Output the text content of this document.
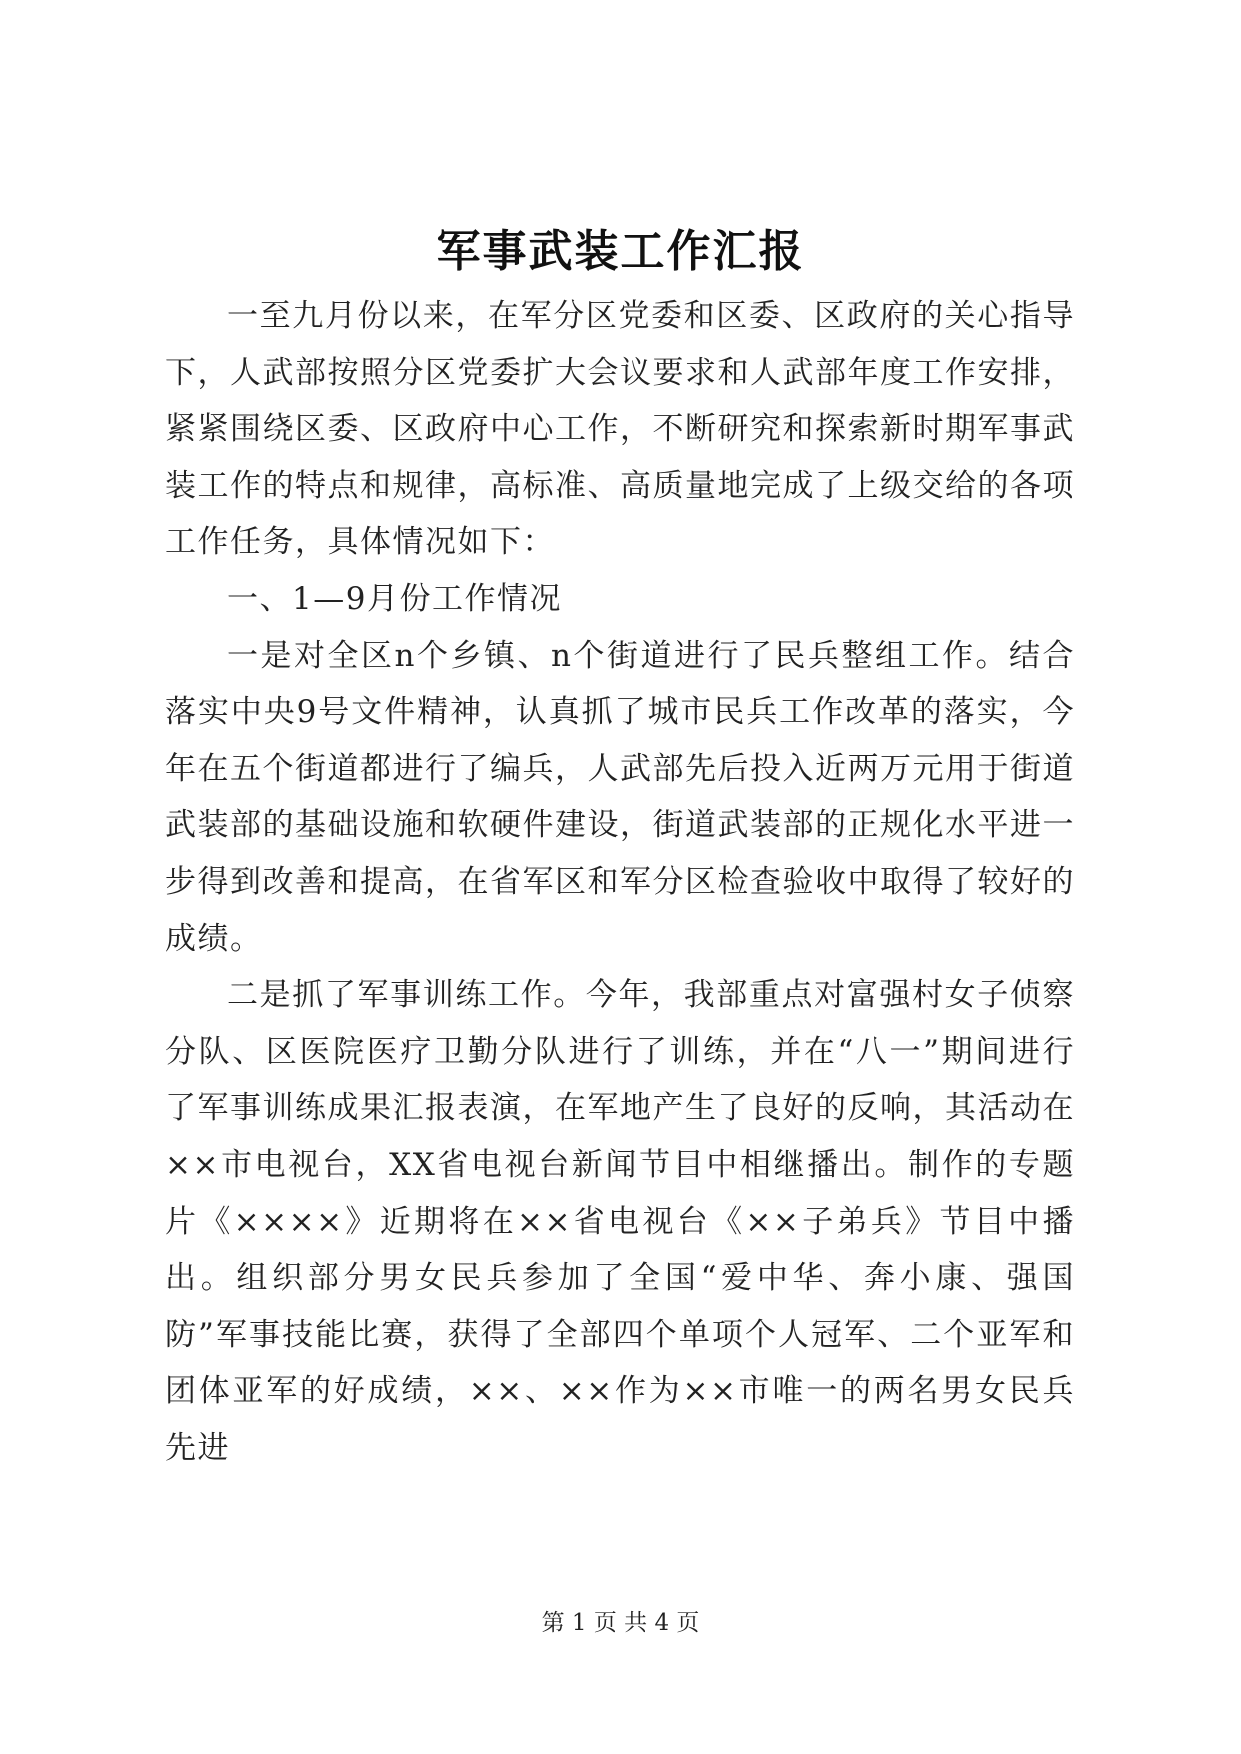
军事武装工作汇报

一至九月份以来，在军分区党委和区委、区政府的关心指导下，人武部按照分区党委扩大会议要求和人武部年度工作安排，紧紧围绕区委、区政府中心工作，不断研究和探索新时期军事武装工作的特点和规律，高标准、高质量地完成了上级交给的各项工作任务，具体情况如下：

一、1—9月份工作情况

一是对全区n个乡镇、n个街道进行了民兵整组工作。结合落实中央9号文件精神，认真抓了城市民兵工作改革的落实，今年在五个街道都进行了编兵，人武部先后投入近两万元用于街道武装部的基础设施和软硬件建设，街道武装部的正规化水平进一步得到改善和提高，在省军区和军分区检查验收中取得了较好的成绩。

二是抓了军事训练工作。今年，我部重点对富强村女子侦察分队、区医院医疗卫勤分队进行了训练，并在“八一”期间进行了军事训练成果汇报表演，在军地产生了良好的反响，其活动在××市电视台，XX省电视台新闻节目中相继播出。制作的专题片《××××》近期将在××省电视台《××子弟兵》节目中播出。组织部分男女民兵参加了全国“爱中华、奔小康、强国防”军事技能比赛，获得了全部四个单项个人冠军、二个亚军和团体亚军的好成绩，××、××作为××市唯一的两名男女民兵先进

第 1 页 共 4 页
